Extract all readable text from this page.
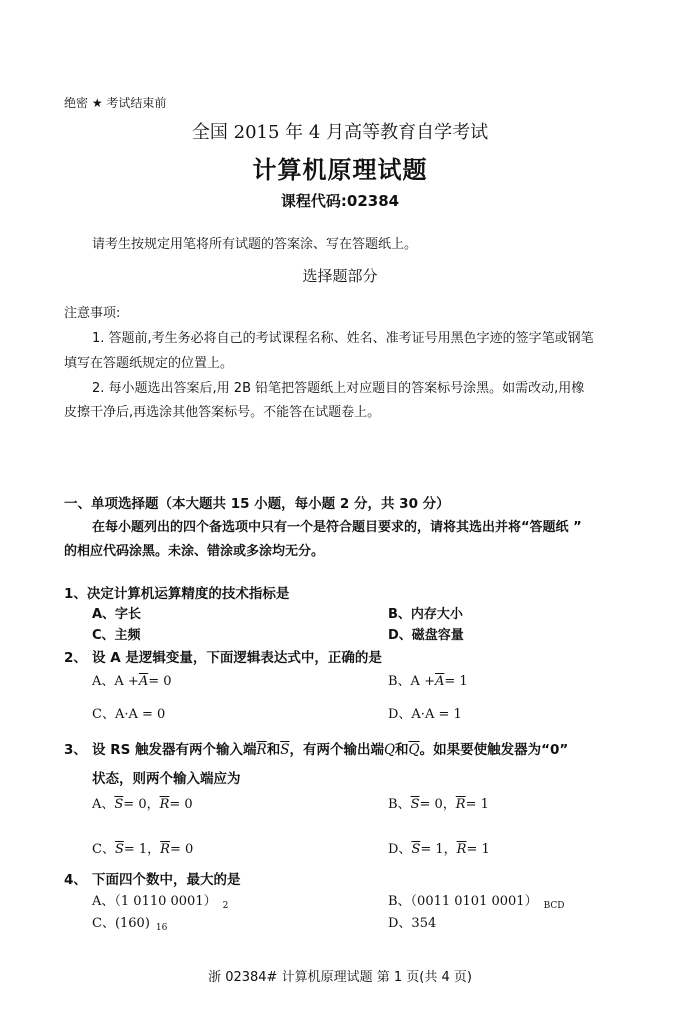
绝密 ★ 考试结束前
全国 2015 年 4 月高等教育自学考试
计算机原理试题
课程代码:02384
请考生按规定用笔将所有试题的答案涂、写在答题纸上。
选择题部分
注意事项:
1. 答题前,考生务必将自己的考试课程名称、姓名、准考证号用黑色字迹的签字笔或钢笔
填写在答题纸规定的位置上。
2. 每小题选出答案后,用 2B 铅笔把答题纸上对应题目的答案标号涂黑。如需改动,用橡
皮擦干净后,再选涂其他答案标号。不能答在试题卷上。
一、单项选择题（本大题共 15 小题，每小题 2 分，共 30 分）
在每小题列出的四个备选项中只有一个是符合题目要求的，请将其选出并将“答题纸 ”
的相应代码涂黑。未涂、错涂或多涂均无分。
1、决定计算机运算精度的技术指标是
A、字长	B、内存大小
C、主频	D、磁盘容量
2、 设 A 是逻辑变量，下面逻辑表达式中，正确的是
A、$A +\overline{A}= 0$	B、$A +\overline{A}= 1$
C、A·A = 0	D、A·A = 1
3、 设 RS 触发器有两个输入端$\overline{R}$和$\overline{S}$，有两个输出端Q和$\overline{Q}$。如果要使触发器为“0”
状态，则两个输入端应为
A、$\overline{S}= 0$，$\overline{R}= 0$	B、$\overline{S}= 0$，$\overline{R}= 1$
C、$\overline{S}= 1$，$\overline{R}= 0$	D、$\overline{S}= 1$，$\overline{R}= 1$
4、 下面四个数中，最大的是
A、（1 0110 0001） $_2$	B、（0011 0101 0001） $_{BCD}$
C、(160) $_{16}$	D、354
浙 02384# 计算机原理试题 第 1 页(共 4 页)
